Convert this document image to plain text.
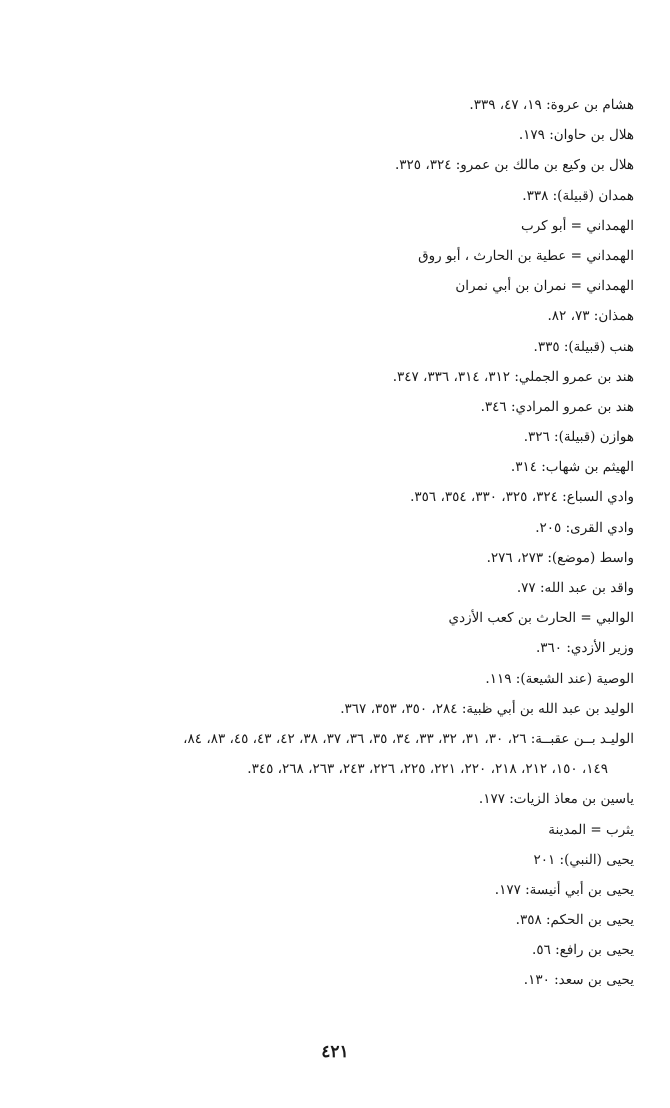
هشام بن عروة: ١٩، ٤٧، ٣٣٩.
هلال بن حاوان: ١٧٩.
هلال بن وكيع بن مالك بن عمرو: ٣٢٤، ٣٢٥.
همدان (قبيلة): ٣٣٨.
الهمداني = أبو كرب
الهمداني = عطية بن الحارث ، أبو روق
الهمداني = نمران بن أبي نمران
همذان: ٧٣، ٨٢.
هنب (قبيلة): ٣٣٥.
هند بن عمرو الجملي: ٣١٢، ٣١٤، ٣٣٦، ٣٤٧.
هند بن عمرو المرادي: ٣٤٦.
هوازن (قبيلة): ٣٢٦.
الهيثم بن شهاب: ٣١٤.
وادي السباع: ٣٢٤، ٣٢٥، ٣٣٠، ٣٥٤، ٣٥٦.
وادي القرى: ٢٠٥.
واسط (موضع): ٢٧٣، ٢٧٦.
واقد بن عبد الله: ٧٧.
الوالبي = الحارث بن كعب الأزدي
وزير الأزدي: ٣٦٠.
الوصية (عند الشيعة): ١١٩.
الوليد بن عبد الله بن أبي ظبية: ٢٨٤، ٣٥٠، ٣٥٣، ٣٦٧.
الوليـد بــن عقبــة: ٢٦، ٣٠، ٣١، ٣٢، ٣٣، ٣٤، ٣٥، ٣٦، ٣٧، ٣٨، ٤٢، ٤٣، ٤٥، ٨٣، ٨٤،
١٤٩، ١٥٠، ٢١٢، ٢١٨، ٢٢٠، ٢٢١، ٢٢٥، ٢٢٦، ٢٤٣، ٢٦٣، ٢٦٨، ٣٤٥.
ياسين بن معاذ الزيات: ١٧٧.
يثرب = المدينة
يحيى (النبي): ٢٠١
يحيى بن أبي أنيسة: ١٧٧.
يحيى بن الحكم: ٣٥٨.
يحيى بن رافع: ٥٦.
يحيى بن سعد: ١٣٠.
٤٢١
